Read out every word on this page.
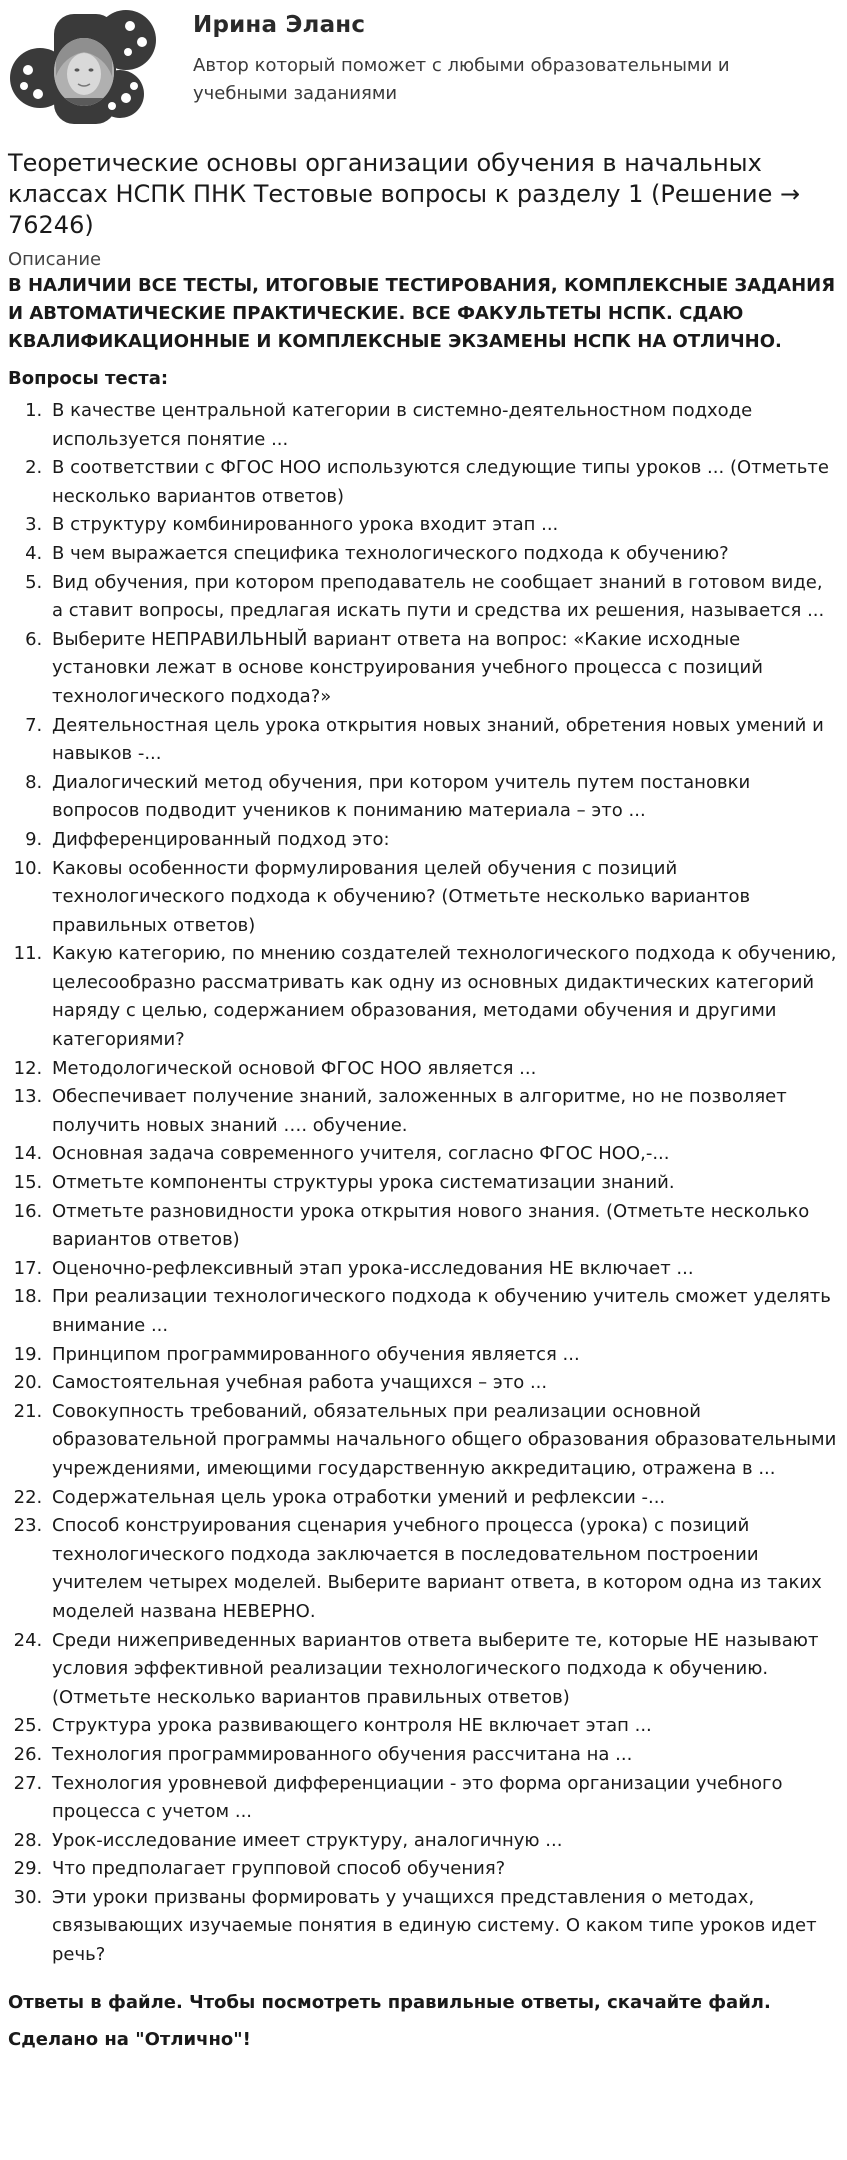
Ирина Эланс
Автор который поможет с любыми образовательными и учебными заданиями
Теоретические основы организации обучения в начальных классах НСПК ПНК Тестовые вопросы к разделу 1 (Решение → 76246)
Описание
В НАЛИЧИИ ВСЕ ТЕСТЫ, ИТОГОВЫЕ ТЕСТИРОВАНИЯ, КОМПЛЕКСНЫЕ ЗАДАНИЯ И АВТОМАТИЧЕСКИЕ ПРАКТИЧЕСКИЕ. ВСЕ ФАКУЛЬТЕТЫ НСПК. СДАЮ КВАЛИФИКАЦИОННЫЕ И КОМПЛЕКСНЫЕ ЭКЗАМЕНЫ НСПК НА ОТЛИЧНО.
Вопросы теста:
1. В качестве центральной категории в системно-деятельностном подходе используется понятие ...
2. В соответствии с ФГОС НОО используются следующие типы уроков ... (Отметьте несколько вариантов ответов)
3. В структуру комбинированного урока входит этап ...
4. В чем выражается специфика технологического подхода к обучению?
5. Вид обучения, при котором преподаватель не сообщает знаний в готовом виде, а ставит вопросы, предлагая искать пути и средства их решения, называется ...
6. Выберите НЕПРАВИЛЬНЫЙ вариант ответа на вопрос: «Какие исходные установки лежат в основе конструирования учебного процесса с позиций технологического подхода?»
7. Деятельностная цель урока открытия новых знаний, обретения новых умений и навыков -...
8. Диалогический метод обучения, при котором учитель путем постановки вопросов подводит учеников к пониманию материала – это ...
9. Дифференцированный подход это:
10. Каковы особенности формулирования целей обучения с позиций технологического подхода к обучению? (Отметьте несколько вариантов правильных ответов)
11. Какую категорию, по мнению создателей технологического подхода к обучению, целесообразно рассматривать как одну из основных дидактических категорий наряду с целью, содержанием образования, методами обучения и другими категориями?
12. Методологической основой ФГОС НОО является ...
13. Обеспечивает получение знаний, заложенных в алгоритме, но не позволяет получить новых знаний …. обучение.
14. Основная задача современного учителя, согласно ФГОС НОО,-...
15. Отметьте компоненты структуры урока систематизации знаний.
16. Отметьте разновидности урока открытия нового знания. (Отметьте несколько вариантов ответов)
17. Оценочно-рефлексивный этап урока-исследования НЕ включает ...
18. При реализации технологического подхода к обучению учитель сможет уделять внимание ...
19. Принципом программированного обучения является ...
20. Самостоятельная учебная работа учащихся – это ...
21. Совокупность требований, обязательных при реализации основной образовательной программы начального общего образования образовательными учреждениями, имеющими государственную аккредитацию, отражена в ...
22. Содержательная цель урока отработки умений и рефлексии -...
23. Способ конструирования сценария учебного процесса (урока) с позиций технологического подхода заключается в последовательном построении учителем четырех моделей. Выберите вариант ответа, в котором одна из таких моделей названа НЕВЕРНО.
24. Среди нижеприведенных вариантов ответа выберите те, которые НЕ называют условия эффективной реализации технологического подхода к обучению. (Отметьте несколько вариантов правильных ответов)
25. Структура урока развивающего контроля НЕ включает этап ...
26. Технология программированного обучения рассчитана на ...
27. Технология уровневой дифференциации - это форма организации учебного процесса с учетом ...
28. Урок-исследование имеет структуру, аналогичную ...
29. Что предполагает групповой способ обучения?
30. Эти уроки призваны формировать у учащихся представления о методах, связывающих изучаемые понятия в единую систему. О каком типе уроков идет речь?
Ответы в файле. Чтобы посмотреть правильные ответы, скачайте файл.
Сделано на "Отлично"!
